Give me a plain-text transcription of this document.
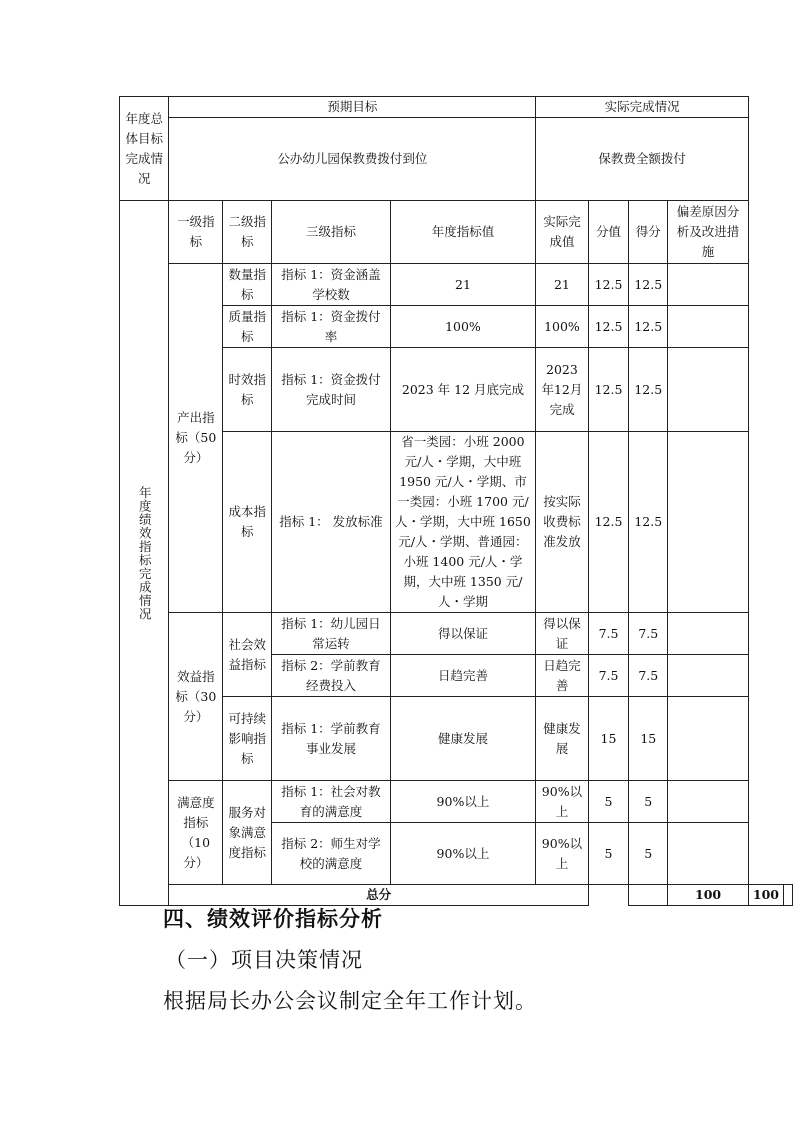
年度总体目标完成情况	预期目标				实际完成情况					
	公办幼儿园保教费拨付到位				保教费全额拨付					
年度绩效指标完成情况	一级指标	二级指标	三级指标	年度指标值	实际完成值	分值	得分	偏差原因分析及改进措施		
	产出指标（50分）	数量指标	指标 1：资金涵盖学校数	21	21	12.5	12.5			
		质量指标	指标 1：资金拨付率	100%	100%	12.5	12.5			
		时效指标	指标 1：资金拨付完成时间	2023 年 12 月底完成	2023年12月完成	12.5	12.5			
		成本指标	指标 1： 发放标准	省一类园：小班 2000 元/人・学期，大中班 1950 元/人・学期、市一类园：小班 1700 元/人・学期，大中班 1650 元/人・学期、普通园：小班 1400 元/人・学期，大中班 1350 元/人・学期	按实际收费标准发放	12.5	12.5			
	效益指标（30分）	社会效益指标	指标 1：幼儿园日常运转	得以保证	得以保证	7.5	7.5			
			指标 2：学前教育经费投入	日趋完善	日趋完善	7.5	7.5			
		可持续影响指标	指标 1：学前教育事业发展	健康发展	健康发展	15	15			
	满意度指标（10分）	服务对象满意度指标	指标 1：社会对教育的满意度	90%以上	90%以上	5	5			
			指标 2：师生对学校的满意度	90%以上	90%以上	5	5			
	总分							100	100	
四、绩效评价指标分析
（一）项目决策情况
根据局长办公会议制定全年工作计划。
